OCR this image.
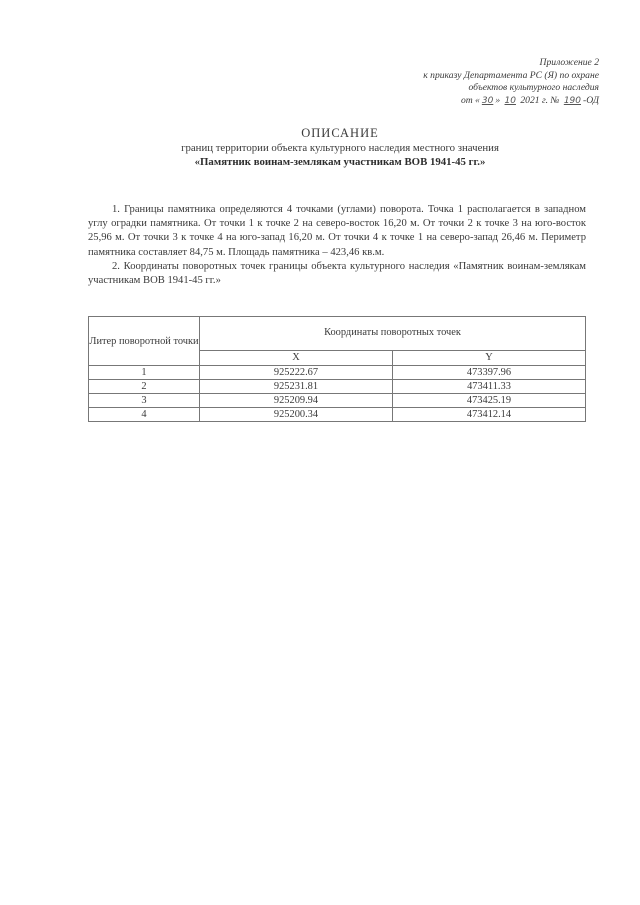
Приложение 2
к приказу Департамента РС (Я) по охране
объектов культурного наследия
от « 30 » 10 2021 г. № 190 -ОД
ОПИСАНИЕ
границ территории объекта культурного наследия местного значения
«Памятник воинам-землякам участникам ВОВ 1941-45 гг.»

1. Границы памятника определяются 4 точками (углами) поворота. Точка 1 располагается в западном углу оградки памятника. От точки 1 к точке 2 на северо-восток 16,20 м. От точки 2 к точке 3 на юго-восток 25,96 м. От точки 3 к точке 4 на юго-запад 16,20 м. От точки 4 к точке 1 на северо-запад 26,46 м. Периметр памятника составляет 84,75 м. Площадь памятника – 423,46 кв.м.

2. Координаты поворотных точек границы объекта культурного наследия «Памятник воинам-землякам участникам ВОВ 1941-45 гг.»

Литер поворотной точки	Координаты поворотных точек	
	X	Y
1	925222.67	473397.96
2	925231.81	473411.33
3	925209.94	473425.19
4	925200.34	473412.14
